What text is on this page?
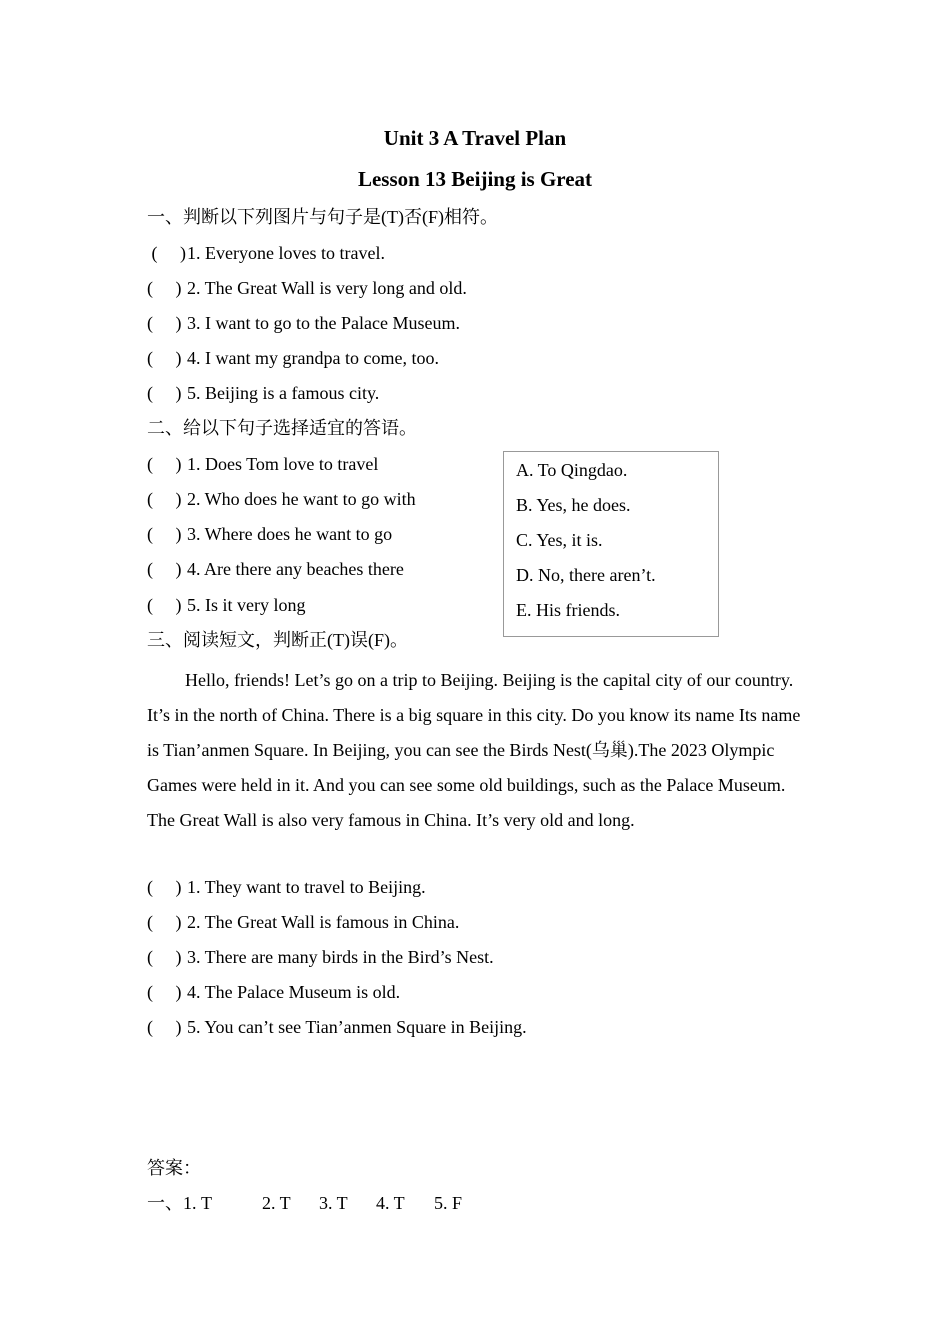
Unit 3 A Travel Plan
Lesson 13 Beijing is Great
一、判断以下列图片与句子是(T)否(F)相符。
(     )1. Everyone loves to travel.
(     ) 2. The Great Wall is very long and old.
(     ) 3. I want to go to the Palace Museum.
(     ) 4. I want my grandpa to come, too.
(     ) 5. Beijing is a famous city.
二、给以下句子选择适宜的答语。
(     ) 1. Does Tom love to travel
(     ) 2. Who does he want to go with
(     ) 3. Where does he want to go
(     ) 4. Are there any beaches there
(     ) 5. Is it very long
A. To Qingdao.
B. Yes, he does.
C. Yes, it is.
D. No, there aren’t.
E. His friends.
三、阅读短文，判断正(T)误(F)。

Hello, friends! Let’s go on a trip to Beijing. Beijing is the capital city of our country. It’s in the north of China. There is a big square in this city. Do you know its name Its name is Tian’anmen Square. In Beijing, you can see the Birds Nest(乌巢).The 2023 Olympic Games were held in it. And you can see some old buildings, such as the Palace Museum. The Great Wall is also very famous in China. It’s very old and long.

(     ) 1. They want to travel to Beijing.
(     ) 2. The Great Wall is famous in China.
(     ) 3. There are many birds in the Bird’s Nest.
(     ) 4. The Palace Museum is old.
(     ) 5. You can’t see Tian’anmen Square in Beijing.
答案：
一、1. T	2. T 3. T 4. T 5. F
